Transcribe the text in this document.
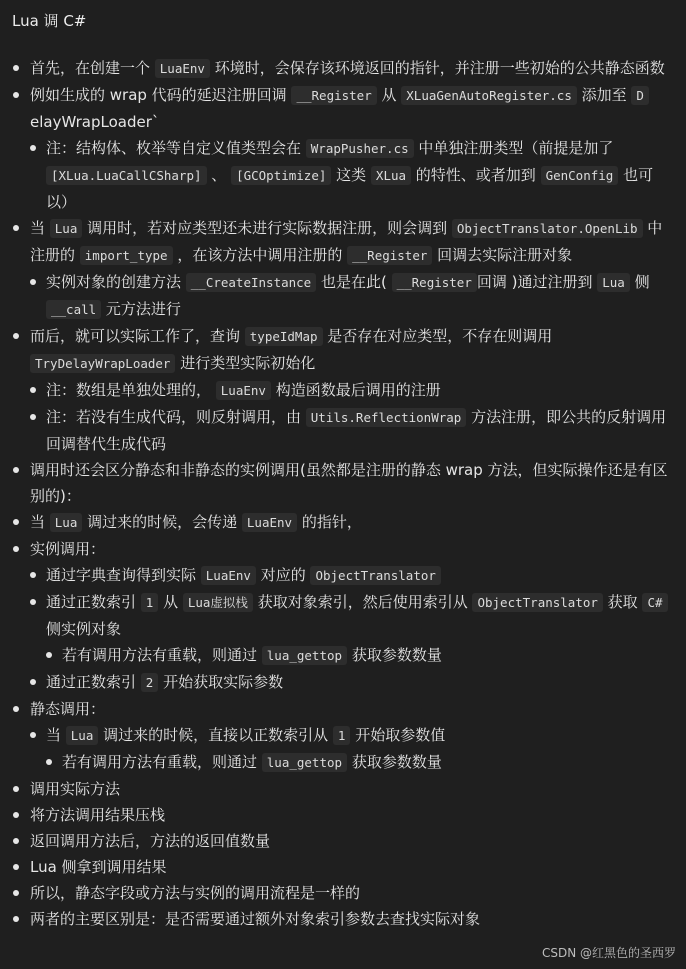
Lua 调 C#
首先，在创建一个 LuaEnv 环境时，会保存该环境返回的指针，并注册一些初始的公共静态函数
例如生成的 wrap 代码的延迟注册回调 __Register 从 XLuaGenAutoRegister.cs 添加至 D elayWrapLoader`
注：结构体、枚举等自定义值类型会在 WrapPusher.cs 中单独注册类型（前提是加了 [XLua.LuaCallCSharp] 、 [GCOptimize] 这类 XLua 的特性、或者加到 GenConfig 也可以）
当 Lua 调用时，若对应类型还未进行实际数据注册，则会调到 ObjectTranslator.OpenLib 中注册的 import_type ，在该方法中调用注册的 __Register 回调去实际注册对象
实例对象的创建方法 __CreateInstance 也是在此( __Register 回调 )通过注册到 Lua 侧 __call 元方法进行
而后，就可以实际工作了，查询 typeIdMap 是否存在对应类型，不存在则调用 TryDelayWrapLoader 进行类型实际初始化
注：数组是单独处理的， LuaEnv 构造函数最后调用的注册
注：若没有生成代码，则反射调用，由 Utils.ReflectionWrap 方法注册，即公共的反射调用回调替代生成代码
调用时还会区分静态和非静态的实例调用(虽然都是注册的静态 wrap 方法，但实际操作还是有区别的)：
当 Lua 调过来的时候，会传递 LuaEnv 的指针，
实例调用：
通过字典查询得到实际 LuaEnv 对应的 ObjectTranslator
通过正数索引 1 从 Lua虚拟栈 获取对象索引，然后使用索引从 ObjectTranslator 获取 C# 侧实例对象
若有调用方法有重载，则通过 lua_gettop 获取参数数量
通过正数索引 2 开始获取实际参数
静态调用：
当 Lua 调过来的时候，直接以正数索引从 1 开始取参数值
若有调用方法有重载，则通过 lua_gettop 获取参数数量
调用实际方法
将方法调用结果压栈
返回调用方法后，方法的返回值数量
Lua 侧拿到调用结果
所以，静态字段或方法与实例的调用流程是一样的
两者的主要区别是：是否需要通过额外对象索引参数去查找实际对象
CSDN @红黑色的圣西罗
